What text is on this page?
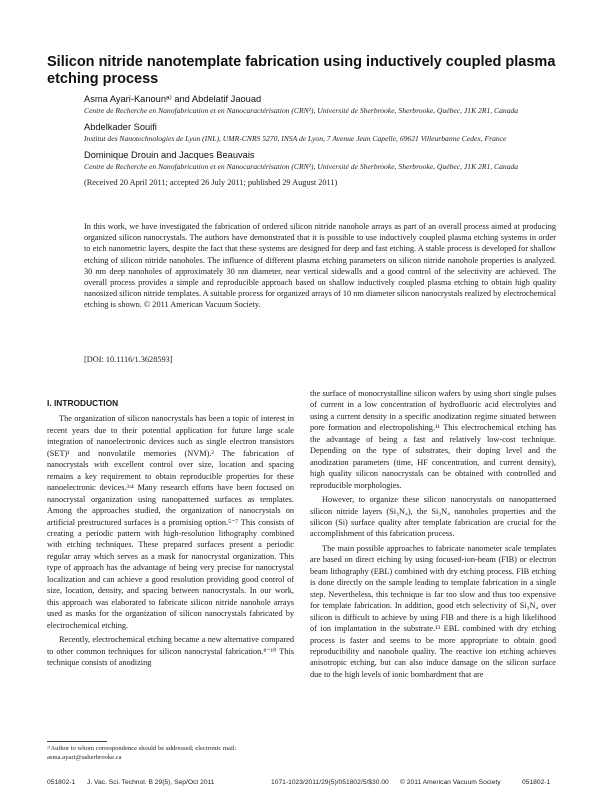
Silicon nitride nanotemplate fabrication using inductively coupled plasma etching process
Asma Ayari-Kanounᵃ⁾ and Abdelatif Jaouad
Centre de Recherche en Nanofabrication et en Nanocaractérisation (CRN²), Université de Sherbrooke, Sherbrooke, Québec, J1K 2R1, Canada
Abdelkader Souifi
Institut des Nanotechnologies de Lyon (INL), UMR-CNRS 5270, INSA de Lyon, 7 Avenue Jean Capelle, 69621 Villeurbanne Cedex, France
Dominique Drouin and Jacques Beauvais
Centre de Recherche en Nanofabrication et en Nanocaractérisation (CRN²), Université de Sherbrooke, Sherbrooke, Québec, J1K 2R1, Canada
(Received 20 April 2011; accepted 26 July 2011; published 29 August 2011)
In this work, we have investigated the fabrication of ordered silicon nitride nanohole arrays as part of an overall process aimed at producing organized silicon nanocrystals. The authors have demonstrated that it is possible to use inductively coupled plasma etching systems in order to etch nanometric layers, despite the fact that these systems are designed for deep and fast etching. A stable process is developed for shallow etching of silicon nitride nanoholes. The influence of different plasma etching parameters on silicon nitride nanohole properties is analyzed. 30 nm deep nanoholes of approximately 30 nm diameter, near vertical sidewalls and a good control of the selectivity are achieved. The overall process provides a simple and reproducible approach based on shallow inductively coupled plasma etching to obtain high quality nanosized silicon nitride templates. A suitable process for organized arrays of 10 nm diameter silicon nanocrystals realized by electrochemical etching is shown. © 2011 American Vacuum Society.
[DOI: 10.1116/1.3628593]
I. INTRODUCTION

The organization of silicon nanocrystals has been a topic of interest in recent years due to their potential application for future large scale integration of nanoelectronic devices such as single electron transistors (SET)¹ and nonvolatile memories (NVM).² The fabrication of nanocrystals with excellent control over size, location and spacing remains a key requirement to obtain reproducible properties for these nanoelectronic devices.³ʴ⁴ Many research efforts have been focused on nanocrystal organization using nanopatterned surfaces as templates. Among the approaches studied, the organization of nanocrystals on artificial prestructured surfaces is a promising option.⁵⁻⁷ This consists of creating a periodic pattern with high-resolution lithography combined with etching techniques. These prepared surfaces present a periodic regular array which serves as a mask for nanocrystal organization. This type of approach has the advantage of being very precise for nanocrystal localization and can achieve a good resolution providing good control of size, location, density, and spacing between nanocrystals. In our work, this approach was elaborated to fabricate silicon nitride nanohole arrays used as masks for the organization of silicon nanocrystals fabricated by electrochemical etching.

Recently, electrochemical etching became a new alternative compared to other common techniques for silicon nanocrystal fabrication.⁸⁻¹⁰ This technique consists of anodizing

the surface of monocrystalline silicon wafers by using short single pulses of current in a low concentration of hydrofluoric acid electrolytes and using a current density in a specific anodization regime situated between pore formation and electropolishing.¹¹ This electrochemical etching has the advantage of being a fast and relatively low-cost technique. Depending on the type of substrates, their doping level and the anodization parameters (time, HF concentration, and current density), high quality silicon nanocrystals can be obtained with controlled and reproducible morphologies.

However, to organize these silicon nanocrystals on nanopatterned silicon nitride layers (Si₃N₄), the Si₃N₄ nanoholes properties and the silicon (Si) surface quality after template fabrication are crucial for the accomplishment of this fabrication process.

The main possible approaches to fabricate nanometer scale templates are based on direct etching by using focused-ion-beam (FIB) or electron beam lithography (EBL) combined with dry etching process. FIB etching is done directly on the sample leading to template fabrication in a single step. Nevertheless, this technique is far too slow and thus too expensive for template fabrication. In addition, good etch selectivity of Si₃N₄ over silicon is difficult to achieve by using FIB and there is a high likelihood of ion implantation in the substrate.¹³ EBL combined with dry etching process is faster and seems to be more appropriate to obtain good reproducibility and nanohole quality. The reactive ion etching achieves anisotropic etching, but can also induce damage on the silicon surface due to the high levels of ionic bombardment that are

ᵃ⁾Author to whom correspondence should be addressed; electronic mail: asma.ayari@usherbrooke.ca
051802-1 J. Vac. Sci. Technol. B 29(5), Sep/Oct 2011	1071-1023/2011/29(5)/051802/5/$30.00 © 2011 American Vacuum Society	051802-1
